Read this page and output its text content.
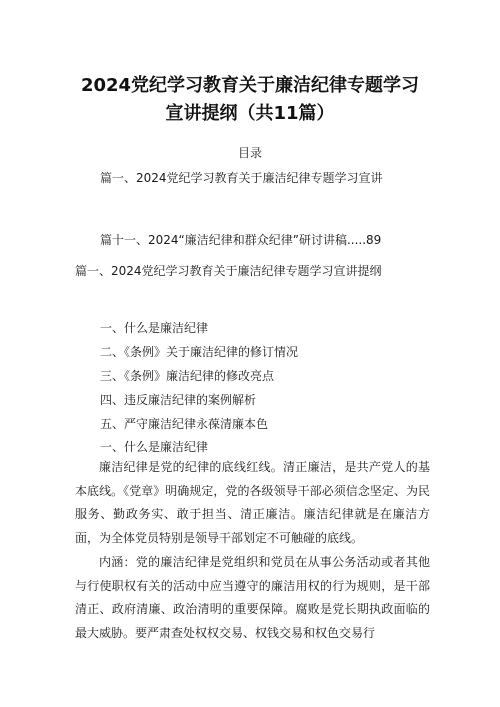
2024党纪学习教育关于廉洁纪律专题学习
宣讲提纲（共11篇）
目录
篇一、2024党纪学习教育关于廉洁纪律专题学习宣讲
篇十一、2024“廉洁纪律和群众纪律”研讨讲稿.....89
篇一、2024党纪学习教育关于廉洁纪律专题学习宣讲提纲
一、什么是廉洁纪律
二、《条例》关于廉洁纪律的修订情况
三、《条例》廉洁纪律的修改亮点
四、违反廉洁纪律的案例解析
五、严守廉洁纪律永葆清廉本色
一、什么是廉洁纪律
廉洁纪律是党的纪律的底线红线。清正廉洁，是共产党人的基本底线。《党章》明确规定，党的各级领导干部必须信念坚定、为民服务、勤政务实、敢于担当、清正廉洁。廉洁纪律就是在廉洁方面，为全体党员特别是领导干部划定不可触碰的底线。
内涵：党的廉洁纪律是党组织和党员在从事公务活动或者其他与行使职权有关的活动中应当遵守的廉洁用权的行为规则，是干部清正、政府清廉、政治清明的重要保障。腐败是党长期执政面临的最大威胁。要严肃查处权权交易、权钱交易和权色交易行
